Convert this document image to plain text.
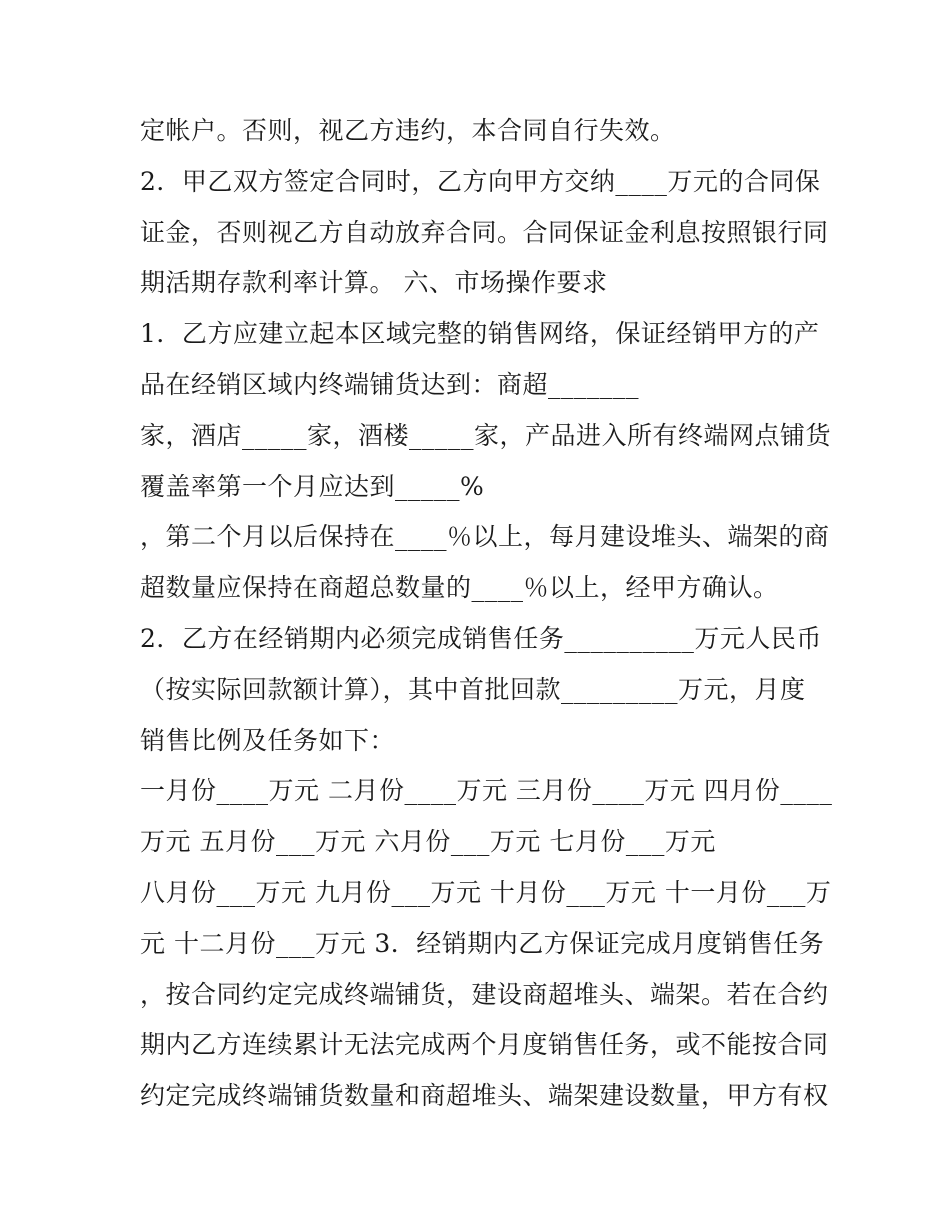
定帐户。否则，视乙方违约，本合同自行失效。
2．甲乙双方签定合同时，乙方向甲方交纳____万元的合同保
证金，否则视乙方自动放弃合同。合同保证金利息按照银行同
期活期存款利率计算。 六、市场操作要求
1．乙方应建立起本区域完整的销售网络，保证经销甲方的产
品在经销区域内终端铺货达到：商超_______
家，酒店_____家，酒楼_____家，产品进入所有终端网点铺货
覆盖率第一个月应达到_____%
，第二个月以后保持在____％以上，每月建设堆头、端架的商
超数量应保持在商超总数量的____％以上，经甲方确认。
2．乙方在经销期内必须完成销售任务__________万元人民币
（按实际回款额计算），其中首批回款_________万元，月度
销售比例及任务如下：
一月份____万元 二月份____万元 三月份____万元 四月份____
万元 五月份___万元 六月份___万元 七月份___万元
八月份___万元 九月份___万元 十月份___万元 十一月份___万
元 十二月份___万元 3．经销期内乙方保证完成月度销售任务
，按合同约定完成终端铺货，建设商超堆头、端架。若在合约
期内乙方连续累计无法完成两个月度销售任务，或不能按合同
约定完成终端铺货数量和商超堆头、端架建设数量，甲方有权
